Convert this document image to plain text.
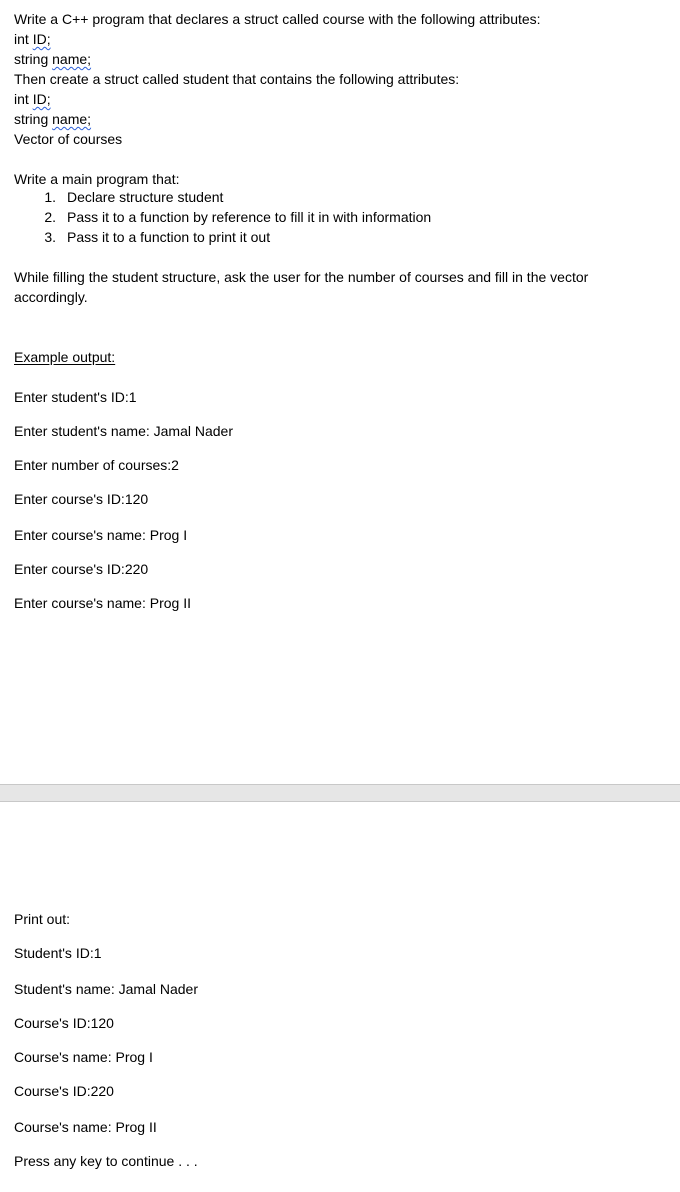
Write a C++ program that declares a struct called course with the following attributes:
int ID;
string name;
Then create a struct called student that contains the following attributes:
int ID;
string name;
Vector of courses
Write a main program that:
1. Declare structure student
2. Pass it to a function by reference to fill it in with information
3. Pass it to a function to print it out
While filling the student structure, ask the user for the number of courses and fill in the vector accordingly.
Example output:
Enter student's ID:1
Enter student's name: Jamal Nader
Enter number of courses:2
Enter course's ID:120
Enter course's name: Prog I
Enter course's ID:220
Enter course's name: Prog II
Print out:
Student's ID:1
Student's name: Jamal Nader
Course's ID:120
Course's name: Prog I
Course's ID:220
Course's name: Prog II
Press any key to continue . . .
